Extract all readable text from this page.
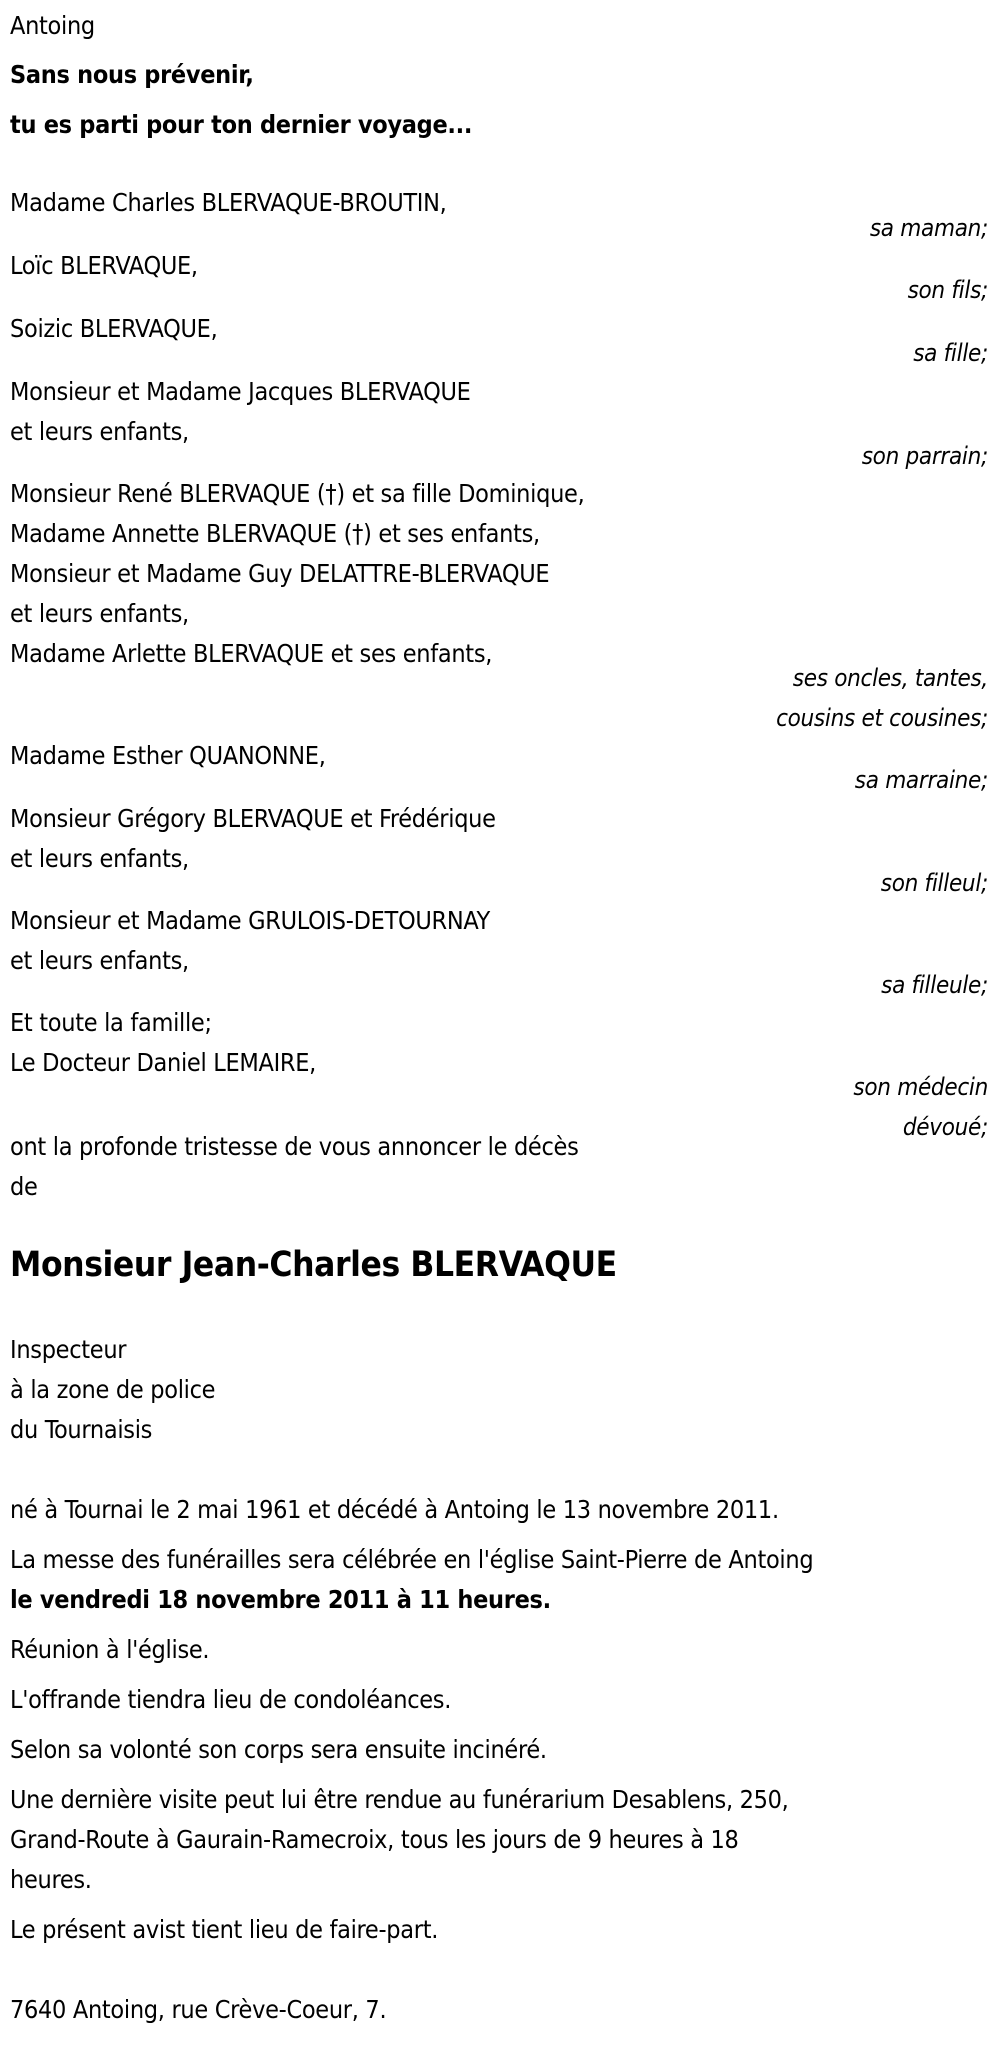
Antoing
Sans nous prévenir,
tu es parti pour ton dernier voyage...
Madame Charles BLERVAQUE-BROUTIN,
sa maman;
Loïc BLERVAQUE,
son fils;
Soizic BLERVAQUE,
sa fille;
Monsieur et Madame Jacques BLERVAQUE
et leurs enfants,
son parrain;
Monsieur René BLERVAQUE (†) et sa fille Dominique,
Madame Annette BLERVAQUE (†) et ses enfants,
Monsieur et Madame Guy DELATTRE-BLERVAQUE
et leurs enfants,
Madame Arlette BLERVAQUE et ses enfants,
ses oncles, tantes,
cousins et cousines;
Madame Esther QUANONNE,
sa marraine;
Monsieur Grégory BLERVAQUE et Frédérique
et leurs enfants,
son filleul;
Monsieur et Madame GRULOIS-DETOURNAY
et leurs enfants,
sa filleule;
Et toute la famille;
Le Docteur Daniel LEMAIRE,
son médecin
dévoué;
ont la profonde tristesse de vous annoncer le décès
de
Monsieur Jean-Charles BLERVAQUE
Inspecteur
à la zone de police
du Tournaisis
né à Tournai le 2 mai 1961 et décédé à Antoing le 13 novembre 2011.
La messe des funérailles sera célébrée en l'église Saint-Pierre de Antoing
le vendredi 18 novembre 2011 à 11 heures.
Réunion à l'église.
L'offrande tiendra lieu de condoléances.
Selon sa volonté son corps sera ensuite incinéré.
Une dernière visite peut lui être rendue au funérarium Desablens, 250,
Grand-Route à Gaurain-Ramecroix, tous les jours de 9 heures à 18
heures.
Le présent avist tient lieu de faire-part.
7640 Antoing, rue Crève-Coeur, 7.
